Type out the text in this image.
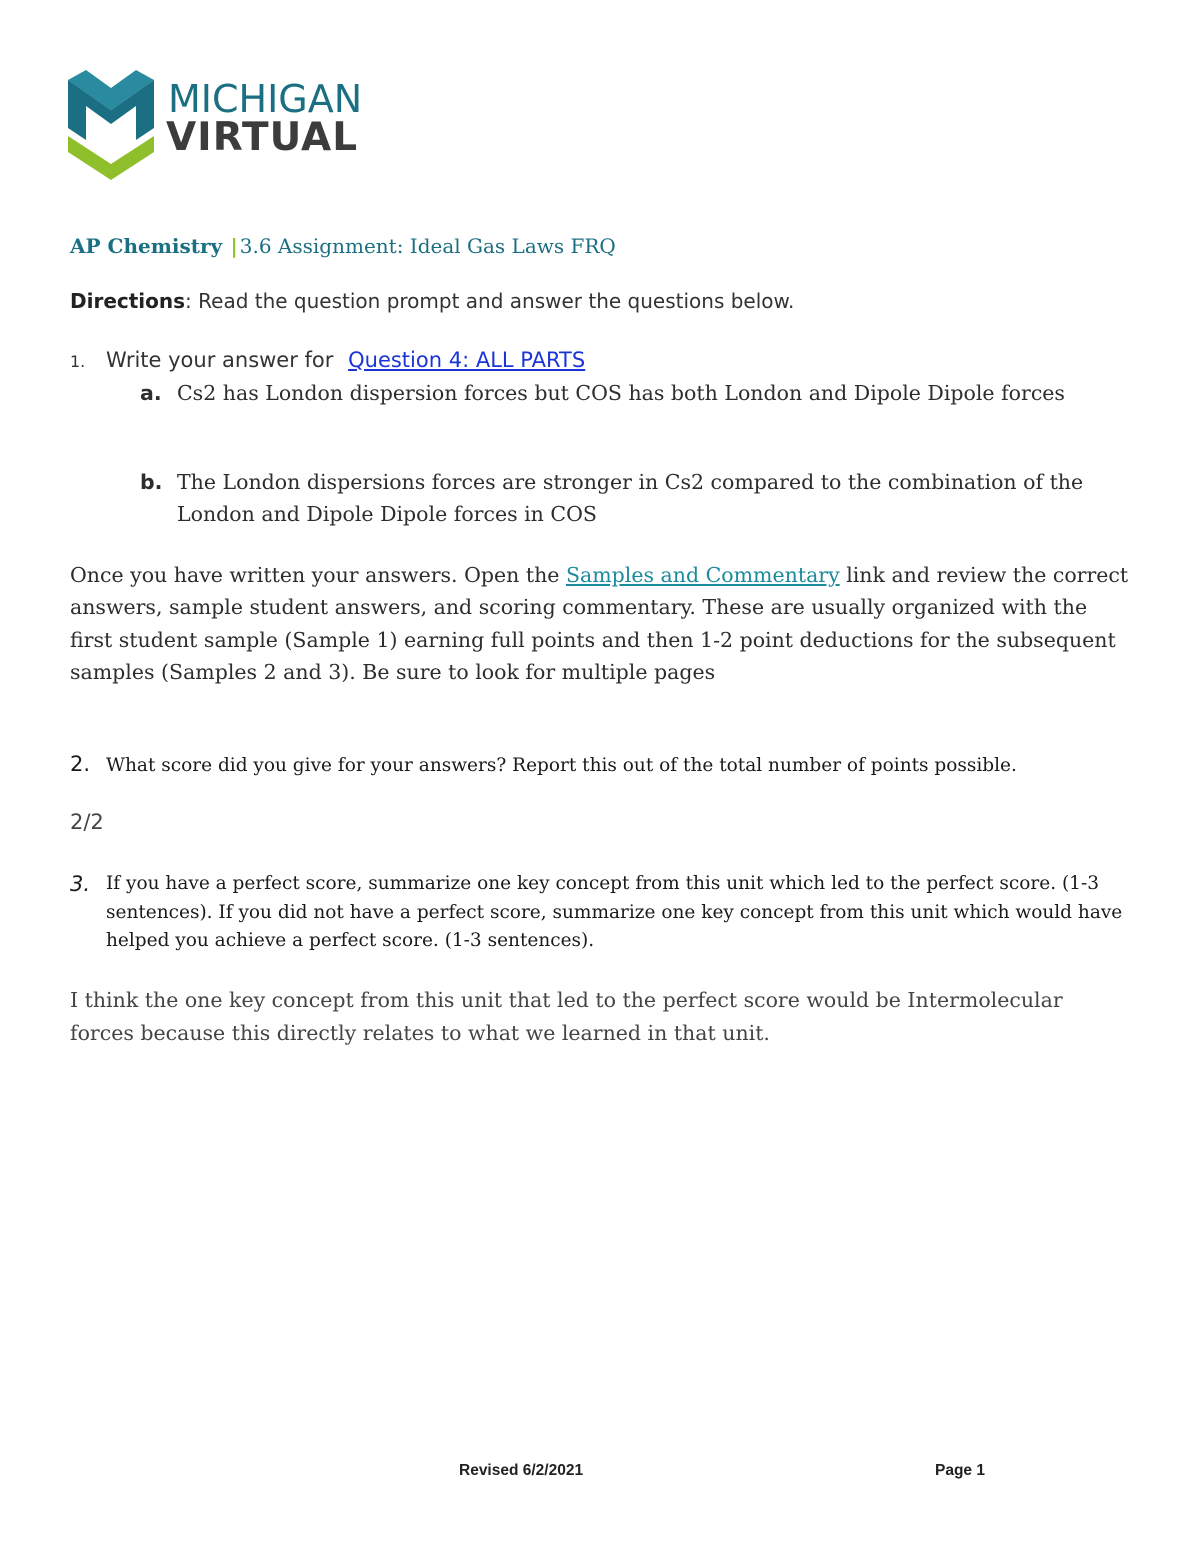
MICHIGAN
VIRTUAL
AP Chemistry | 3.6 Assignment: Ideal Gas Laws FRQ
Directions: Read the question prompt and answer the questions below.
1. Write your answer for Question 4: ALL PARTS
a. Cs2 has London dispersion forces but COS has both London and Dipole Dipole forces
b. The London dispersions forces are stronger in Cs2 compared to the combination of the London and Dipole Dipole forces in COS
Once you have written your answers. Open the Samples and Commentary link and review the correct answers, sample student answers, and scoring commentary. These are usually organized with the first student sample (Sample 1) earning full points and then 1-2 point deductions for the subsequent samples (Samples 2 and 3). Be sure to look for multiple pages
2. What score did you give for your answers? Report this out of the total number of points possible.
2/2
3. If you have a perfect score, summarize one key concept from this unit which led to the perfect score. (1-3 sentences). If you did not have a perfect score, summarize one key concept from this unit which would have helped you achieve a perfect score. (1-3 sentences).
I think the one key concept from this unit that led to the perfect score would be Intermolecular forces because this directly relates to what we learned in that unit.
Revised 6/2/2021	Page 1
